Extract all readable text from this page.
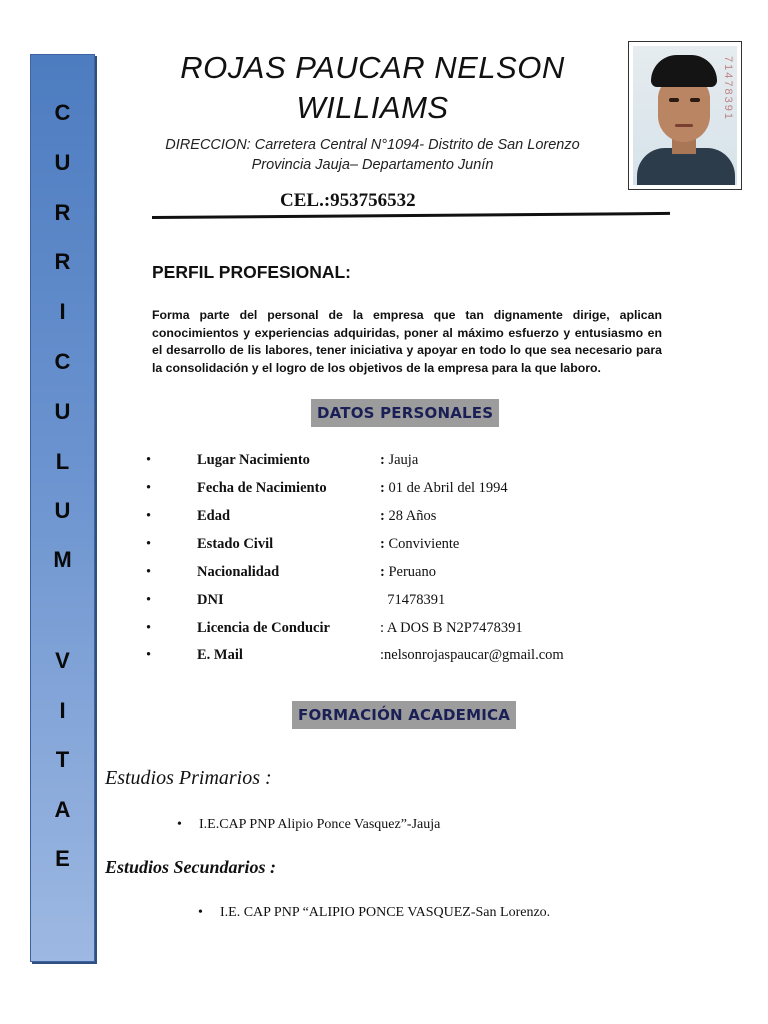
C
U
R
R
I
C
U
L
U
M
V
I
T
A
E
ROJAS PAUCAR NELSON WILLIAMS
DIRECCION: Carretera Central N°1094- Distrito de San Lorenzo
Provincia Jauja– Departamento Junín
CEL.:953756532
71478391
PERFIL PROFESIONAL:
Forma parte del personal de la empresa que tan dignamente dirige, aplican conocimientos y experiencias adquiridas, poner al máximo esfuerzo y entusiasmo en el desarrollo de lis labores, tener iniciativa y apoyar en todo lo que sea necesario para la consolidación y el logro de los objetivos de la empresa para la que laboro.
DATOS PERSONALES
•	Lugar Nacimiento	: Jauja
•	Fecha de Nacimiento	: 01 de Abril del 1994
•	Edad	: 28 Años
•	Estado Civil	: Conviviente
•	Nacionalidad	: Peruano
•	DNI	71478391
•	Licencia de Conducir	: A DOS B N2P7478391
•	E. Mail	:nelsonrojaspaucar@gmail.com
FORMACIÓN ACADEMICA
Estudios Primarios :
• I.E.CAP PNP Alipio Ponce Vasquez”-Jauja
Estudios Secundarios :
• I.E. CAP PNP “ALIPIO PONCE VASQUEZ-San Lorenzo.
